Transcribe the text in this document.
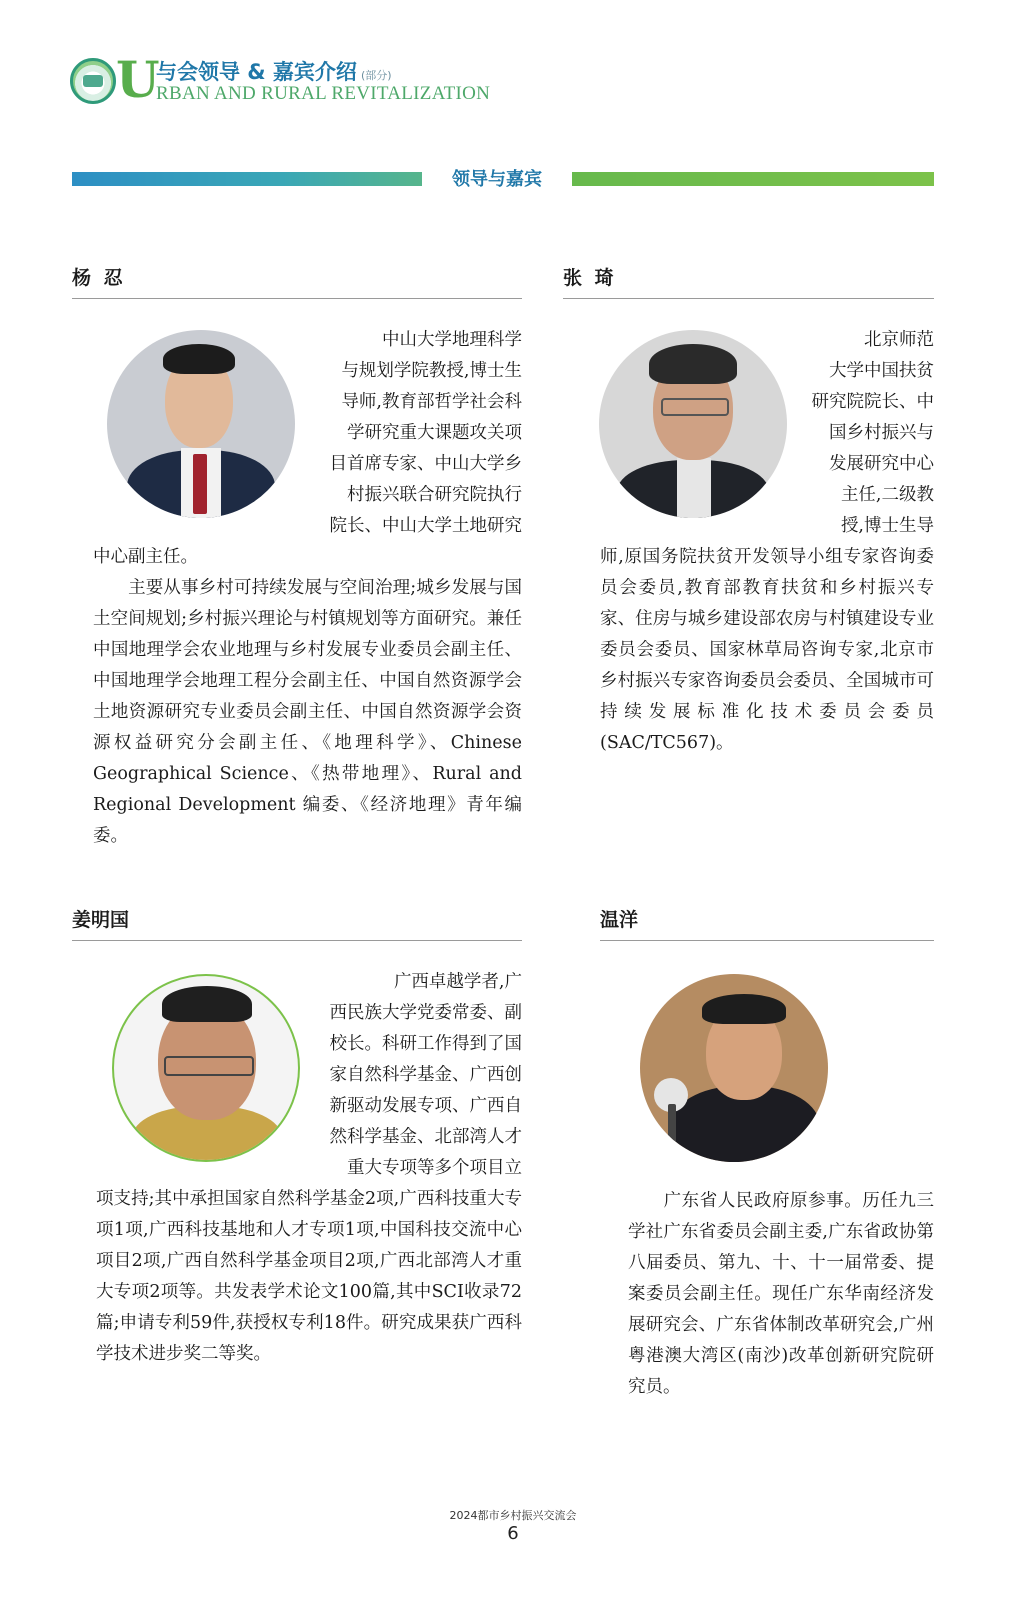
U
与会领导 & 嘉宾介绍 (部分)
RBAN AND RURAL REVITALIZATION
领导与嘉宾
杨 忍

中山大学地理科学
与规划学院教授,博士生
导师,教育部哲学社会科
学研究重大课题攻关项
目首席专家、中山大学乡
村振兴联合研究院执行
院长、中山大学土地研究

中心副主任。

主要从事乡村可持续发展与空间治理;城乡发展与国土空间规划;乡村振兴理论与村镇规划等方面研究。兼任中国地理学会农业地理与乡村发展专业委员会副主任、中国地理学会地理工程分会副主任、中国自然资源学会土地资源研究专业委员会副主任、中国自然资源学会资源权益研究分会副主任、《地理科学》、Chinese Geographical Science、《热带地理》、Rural and Regional Development 编委、《经济地理》青年编委。

张 琦

北京师范
大学中国扶贫
研究院院长、中
国乡村振兴与
发展研究中心
主任,二级教
授,博士生导

师,原国务院扶贫开发领导小组专家咨询委员会委员,教育部教育扶贫和乡村振兴专家、住房与城乡建设部农房与村镇建设专业委员会委员、国家林草局咨询专家,北京市乡村振兴专家咨询委员会委员、全国城市可持续发展标准化技术委员会委员(SAC/TC567)。

姜明国

广西卓越学者,广
西民族大学党委常委、副
校长。科研工作得到了国
家自然科学基金、广西创
新驱动发展专项、广西自
然科学基金、北部湾人才
重大专项等多个项目立

项支持;其中承担国家自然科学基金2项,广西科技重大专项1项,广西科技基地和人才专项1项,中国科技交流中心项目2项,广西自然科学基金项目2项,广西北部湾人才重大专项2项等。共发表学术论文100篇,其中SCI收录72篇;申请专利59件,获授权专利18件。研究成果获广西科学技术进步奖二等奖。

温洋

广东省人民政府原参事。历任九三学社广东省委员会副主委,广东省政协第八届委员、第九、十、十一届常委、提案委员会副主任。现任广东华南经济发展研究会、广东省体制改革研究会,广州粤港澳大湾区(南沙)改革创新研究院研究员。

2024都市乡村振兴交流会
6
